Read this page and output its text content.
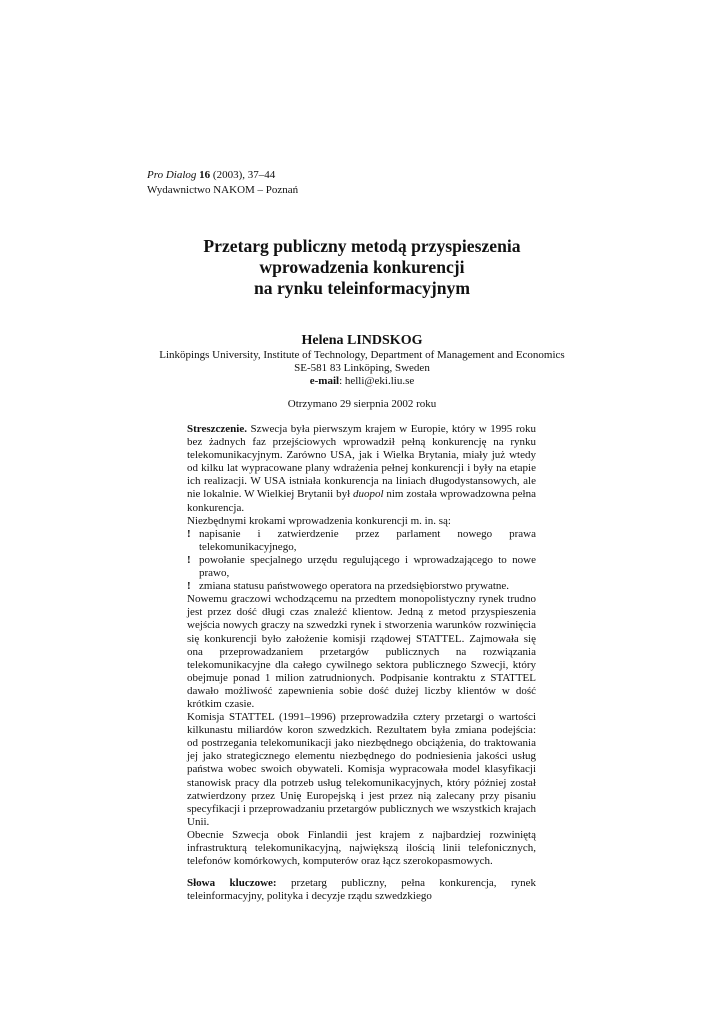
Pro Dialog 16 (2003), 37–44
Wydawnictwo NAKOM – Poznań
Przetarg publiczny metodą przyspieszenia
wprowadzenia konkurencji
na rynku teleinformacyjnym
Helena LINDSKOG
Linköpings University, Institute of Technology, Department of Management and Economics
SE-581 83 Linköping, Sweden
e-mail: helli@eki.liu.se
Otrzymano 29 sierpnia 2002 roku

Streszczenie. Szwecja była pierwszym krajem w Europie, który w 1995 roku bez żadnych faz przejściowych wprowadził pełną konkurencję na rynku telekomunikacyjnym. Zarówno USA, jak i Wielka Brytania, miały już wtedy od kilku lat wypracowane plany wdrażenia pełnej konkurencji i były na etapie ich realizacji. W USA istniała konkurencja na liniach długodystansowych, ale nie lokalnie. W Wielkiej Brytanii był duopol nim została wprowadzowna pełna konkurencja.

Niezbędnymi krokami wprowadzenia konkurencji m. in. są:

! napisanie i zatwierdzenie przez parlament nowego prawa telekomunikacyjnego,
! powołanie specjalnego urzędu regulującego i wprowadzającego to nowe prawo,
! zmiana statusu państwowego operatora na przedsiębiorstwo prywatne.

Nowemu graczowi wchodzącemu na przedtem monopolistyczny rynek trudno jest przez dość długi czas znaleźć klientow. Jedną z metod przyspieszenia wejścia nowych graczy na szwedzki rynek i stworzenia warunków rozwinięcia się konkurencji było założenie komisji rządowej STATTEL. Zajmowała się ona przeprowadzaniem przetargów publicznych na rozwiązania telekomunikacyjne dla całego cywilnego sektora publicznego Szwecji, który obejmuje ponad 1 milion zatrudnionych. Podpisanie kontraktu z STATTEL dawało możliwość zapewnienia sobie dość dużej liczby klientów w dość krótkim czasie.

Komisja STATTEL (1991–1996) przeprowadziła cztery przetargi o wartości kilkunastu miliardów koron szwedzkich. Rezultatem była zmiana podejścia: od postrzegania telekomunikacji jako niezbędnego obciążenia, do traktowania jej jako strategicznego elementu niezbędnego do podniesienia jakości usług państwa wobec swoich obywateli. Komisja wypracowała model klasyfikacji stanowisk pracy dla potrzeb usług telekomunikacyjnych, który później został zatwierdzony przez Unię Europejską i jest przez nią zalecany przy pisaniu specyfikacji i przeprowadzaniu przetargów publicznych we wszystkich krajach Unii.

Obecnie Szwecja obok Finlandii jest krajem z najbardziej rozwiniętą infrastrukturą telekomunikacyjną, największą ilością linii telefonicznych, telefonów komórkowych, komputerów oraz łącz szerokopasmowych.

Słowa kluczowe: przetarg publiczny, pełna konkurencja, rynek teleinformacyjny, polityka i decyzje rządu szwedzkiego
